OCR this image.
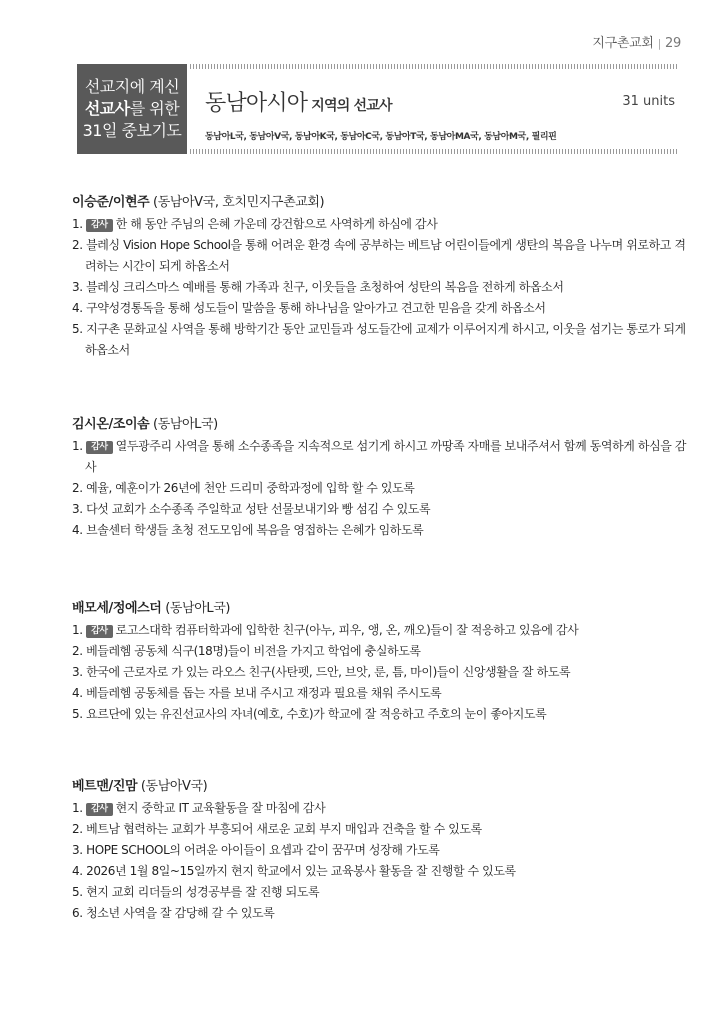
지구촌교회 | 29
선교지에 계신
선교사를 위한
31일 중보기도
동남아시아 지역의 선교사	31 units
동남아L국, 동남아V국, 동남아K국, 동남아C국, 동남아T국, 동남아MA국, 동남아M국, 필리핀
이승준/이현주 (동남아V국, 호치민지구촌교회)
1. 감사 한 해 동안 주님의 은혜 가운데 강건함으로 사역하게 하심에 감사
2. 블레싱 Vision Hope School을 통해 어려운 환경 속에 공부하는 베트남 어린이들에게 생탄의 복음을 나누며 위로하고 격려하는 시간이 되게 하옵소서
3. 블레싱 크리스마스 예배를 통해 가족과 친구, 이웃들을 초청하여 성탄의 복음을 전하게 하옵소서
4. 구약성경통독을 통해 성도들이 말씀을 통해 하나님을 알아가고 견고한 믿음을 갖게 하옵소서
5. 지구촌 문화교실 사역을 통해 방학기간 동안 교민들과 성도들간에 교제가 이루어지게 하시고, 이웃을 섬기는 통로가 되게 하옵소서
김시온/조이솜 (동남아L국)
1. 감사 열두광주리 사역을 통해 소수종족을 지속적으로 섬기게 하시고 까땅족 자매를 보내주셔서 함께 동역하게 하심을 감사
2. 예율, 예훈이가 26년에 천안 드리미 중학과정에 입학 할 수 있도록
3. 다섯 교회가 소수종족 주일학교 성탄 선물보내기와 빵 섬김 수 있도록
4. 브솔센터 학생들 초청 전도모임에 복음을 영접하는 은혜가 임하도록
배모세/정에스더 (동남아L국)
1. 감사 로고스대학 컴퓨터학과에 입학한 친구(아누, 피우, 앵, 온, 깨오)들이 잘 적응하고 있음에 감사
2. 베들레헴 공동체 식구(18명)들이 비전을 가지고 학업에 충실하도록
3. 한국에 근로자로 가 있는 라오스 친구(사탄펫, 드안, 브앗, 룬, 틈, 마이)들이 신앙생활을 잘 하도록
4. 베들레헴 공동체를 돕는 자를 보내 주시고 재정과 필요를 채워 주시도록
5. 요르단에 있는 유진선교사의 자녀(예호, 수호)가 학교에 잘 적응하고 주호의 눈이 좋아지도록
베트맨/진맘 (동남아V국)
1. 감사 현지 중학교 IT 교육활동을 잘 마침에 감사
2. 베트남 협력하는 교회가 부흥되어 새로운 교회 부지 매입과 건축을 할 수 있도록
3. HOPE SCHOOL의 어려운 아이들이 요셉과 같이 꿈꾸며 성장해 가도록
4. 2026년 1월 8일~15일까지 현지 학교에서 있는 교육봉사 활동을 잘 진행할 수 있도록
5. 현지 교회 리더들의 성경공부를 잘 진행 되도록
6. 청소년 사역을 잘 감당해 갈 수 있도록
